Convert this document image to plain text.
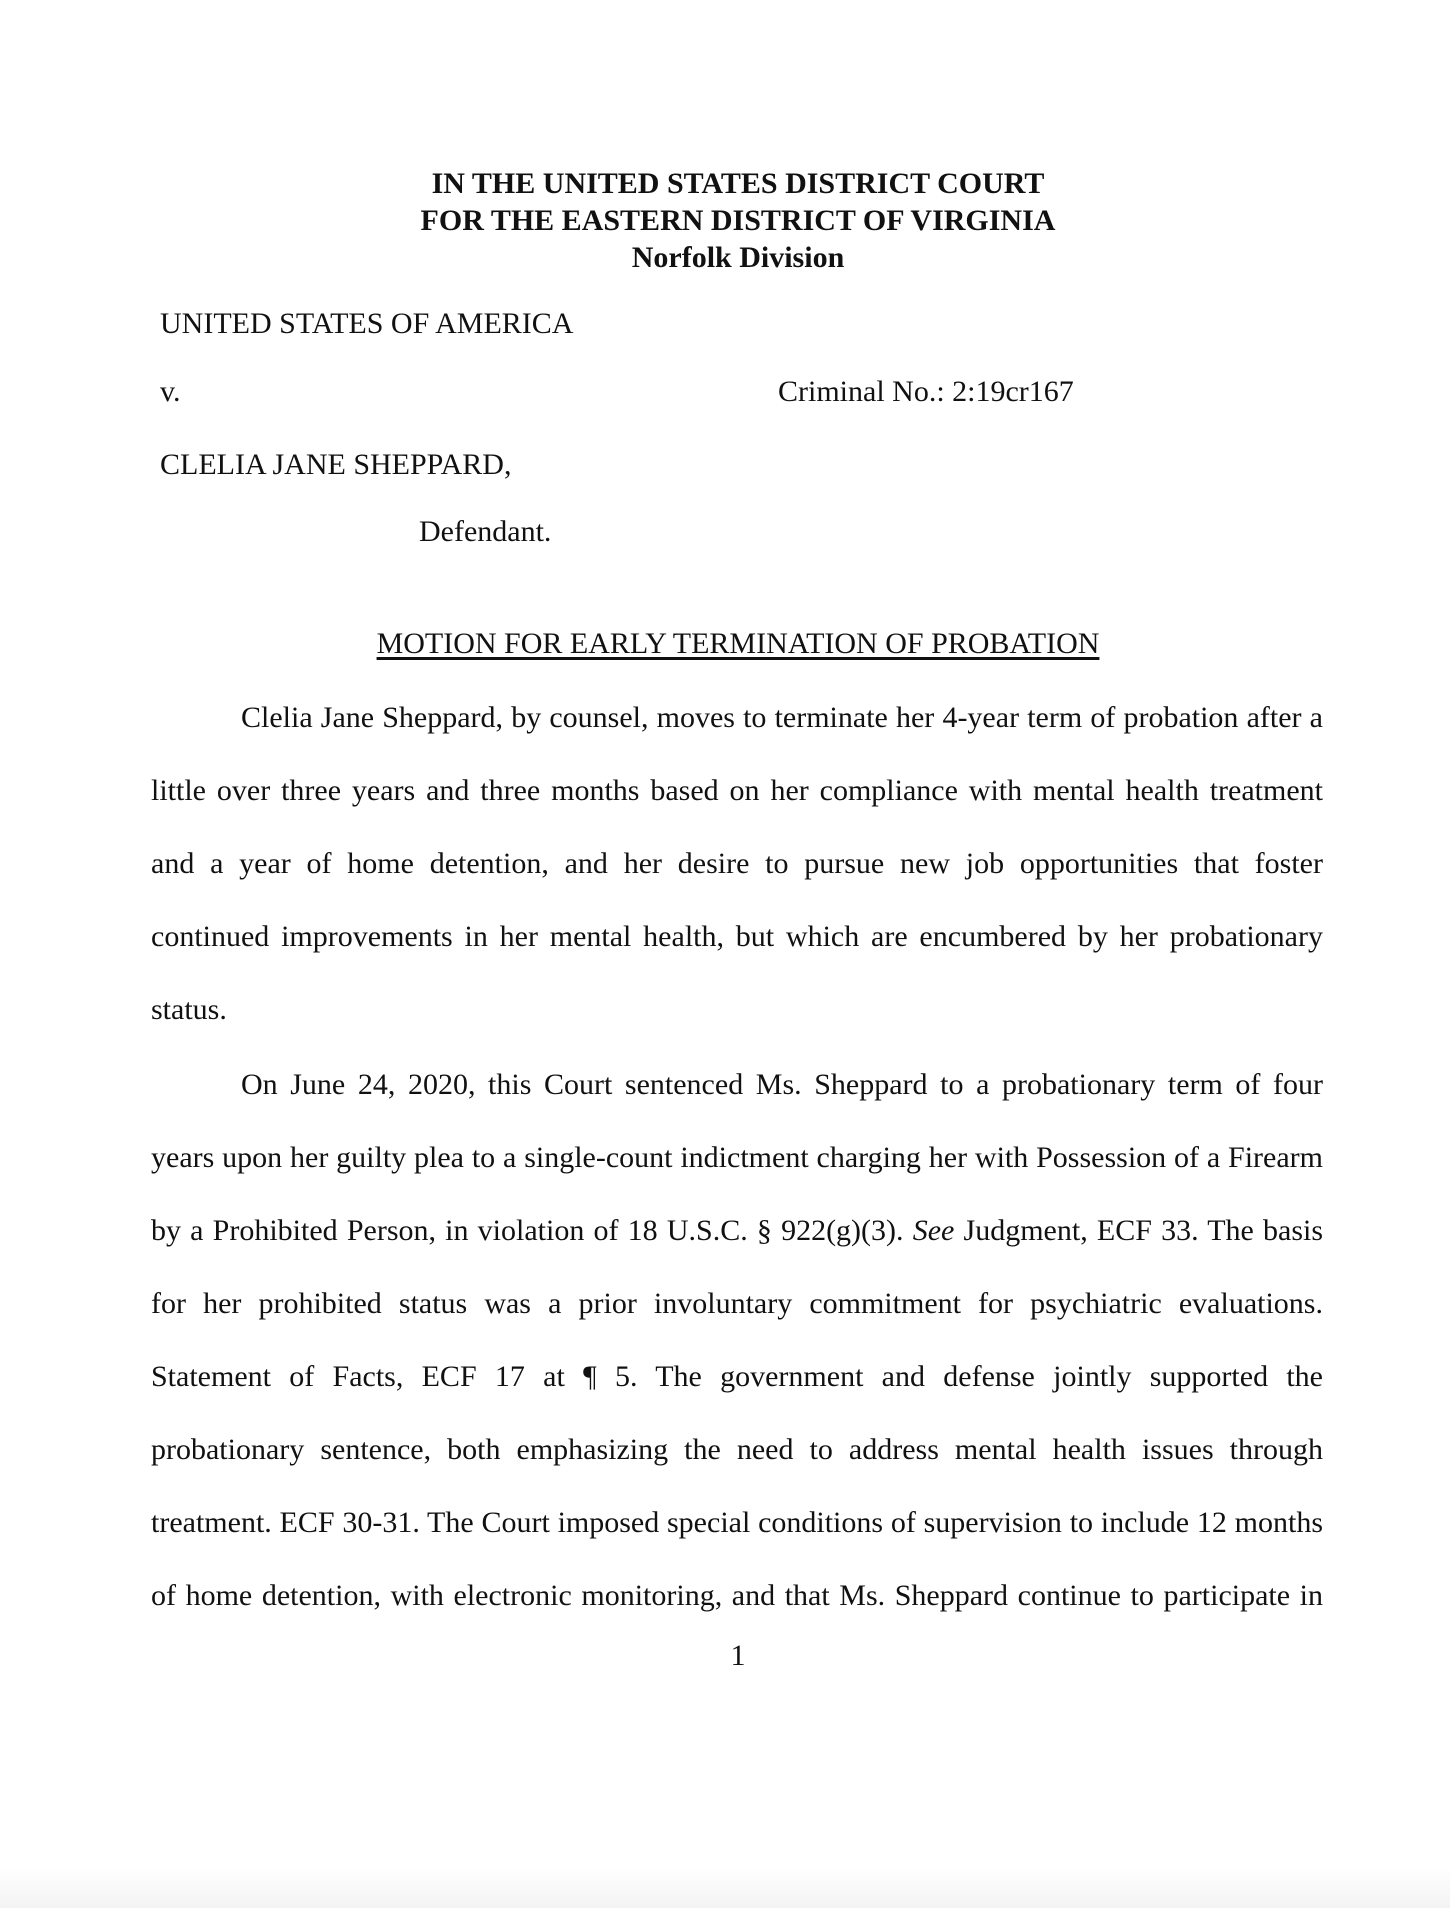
IN THE UNITED STATES DISTRICT COURT
FOR THE EASTERN DISTRICT OF VIRGINIA
Norfolk Division
UNITED STATES OF AMERICA
v.	Criminal No.: 2:19cr167
CLELIA JANE SHEPPARD,
Defendant.
MOTION FOR EARLY TERMINATION OF PROBATION
Clelia Jane Sheppard, by counsel, moves to terminate her 4-year term of probation after a
little over three years and three months based on her compliance with mental health treatment
and a year of home detention, and her desire to pursue new job opportunities that foster
continued improvements in her mental health, but which are encumbered by her probationary
status.
On June 24, 2020, this Court sentenced Ms. Sheppard to a probationary term of four
years upon her guilty plea to a single-count indictment charging her with Possession of a Firearm
by a Prohibited Person, in violation of 18 U.S.C. § 922(g)(3). See Judgment, ECF 33. The basis
for her prohibited status was a prior involuntary commitment for psychiatric evaluations.
Statement of Facts, ECF 17 at ¶ 5. The government and defense jointly supported the
probationary sentence, both emphasizing the need to address mental health issues through
treatment. ECF 30-31. The Court imposed special conditions of supervision to include 12 months
of home detention, with electronic monitoring, and that Ms. Sheppard continue to participate in
1
